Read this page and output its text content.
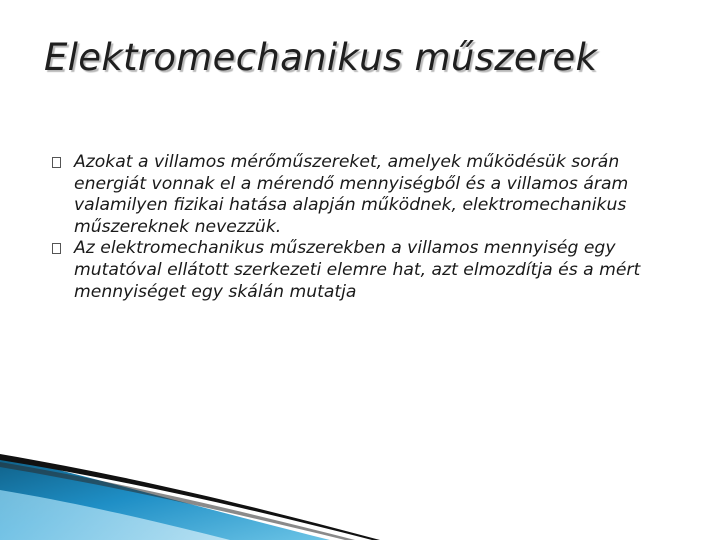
Elektromechanikus műszerek
Azokat a villamos mérőműszereket, amelyek működésük során energiát vonnak el a mérendő mennyiségből és a villamos áram valamilyen fizikai hatása alapján működnek, elektromechanikus műszereknek nevezzük.
Az elektromechanikus műszerekben a villamos mennyiség egy mutatóval ellátott szerkezeti elemre hat, azt elmozdítja és a mért mennyiséget egy skálán mutatja
